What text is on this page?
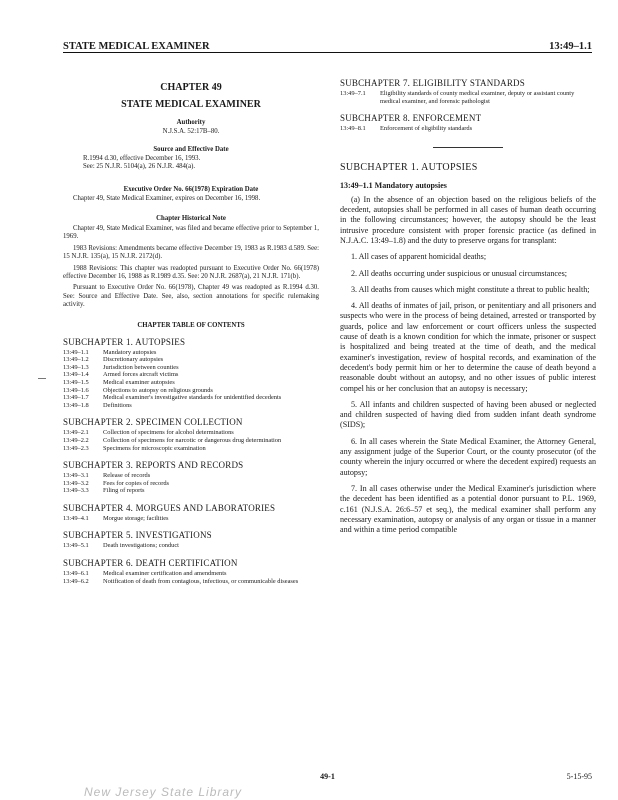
STATE MEDICAL EXAMINER	13:49–1.1
CHAPTER 49
STATE MEDICAL EXAMINER
Authority
N.J.S.A. 52:17B–80.
Source and Effective Date
R.1994 d.30, effective December 16, 1993.
See: 25 N.J.R. 5104(a), 26 N.J.R. 484(a).
Executive Order No. 66(1978) Expiration Date

Chapter 49, State Medical Examiner, expires on December 16, 1998.

Chapter Historical Note

Chapter 49, State Medical Examiner, was filed and became effective prior to September 1, 1969.

1983 Revisions: Amendments became effective December 19, 1983 as R.1983 d.589. See: 15 N.J.R. 135(a), 15 N.J.R. 2172(d).

1988 Revisions: This chapter was readopted pursuant to Executive Order No. 66(1978) effective December 16, 1988 as R.1989 d.35. See: 20 N.J.R. 2687(a), 21 N.J.R. 171(b).

Pursuant to Executive Order No. 66(1978), Chapter 49 was readopted as R.1994 d.30. See: Source and Effective Date. See, also, section annotations for specific rulemaking activity.

CHAPTER TABLE OF CONTENTS
SUBCHAPTER 1. AUTOPSIES
13:49–1.1	Mandatory autopsies
13:49–1.2	Discretionary autopsies
13:49–1.3	Jurisdiction between counties
13:49–1.4	Armed forces aircraft victims
13:49–1.5	Medical examiner autopsies
13:49–1.6	Objections to autopsy on religious grounds
13:49–1.7	Medical examiner's investigative standards for unidentified decedents
13:49–1.8	Definitions
SUBCHAPTER 2. SPECIMEN COLLECTION
13:49–2.1	Collection of specimens for alcohol determinations
13:49–2.2	Collection of specimens for narcotic or dangerous drug determination
13:49–2.3	Specimens for microscopic examination
SUBCHAPTER 3. REPORTS AND RECORDS
13:49–3.1	Release of records
13:49–3.2	Fees for copies of records
13:49–3.3	Filing of reports
SUBCHAPTER 4. MORGUES AND LABORATORIES
13:49–4.1	Morgue storage; facilities
SUBCHAPTER 5. INVESTIGATIONS
13:49–5.1	Death investigations; conduct
SUBCHAPTER 6. DEATH CERTIFICATION
13:49–6.1	Medical examiner certification and amendments
13:49–6.2	Notification of death from contagious, infectious, or communicable diseases
SUBCHAPTER 7. ELIGIBILITY STANDARDS
13:49–7.1	Eligibility standards of county medical examiner, deputy or assistant county medical examiner, and forensic pathologist
SUBCHAPTER 8. ENFORCEMENT
13:49–8.1	Enforcement of eligibility standards
SUBCHAPTER 1. AUTOPSIES
13:49–1.1 Mandatory autopsies

(a) In the absence of an objection based on the religious beliefs of the decedent, autopsies shall be performed in all cases of human death occurring in the following circumstances; however, the autopsy should be the least intrusive procedure consistent with proper forensic practice (as defined in N.J.A.C. 13:49–1.8) and the duty to preserve organs for transplant:

1. All cases of apparent homicidal deaths;

2. All deaths occurring under suspicious or unusual circumstances;

3. All deaths from causes which might constitute a threat to public health;

4. All deaths of inmates of jail, prison, or penitentiary and all prisoners and suspects who were in the process of being detained, arrested or transported by guards, police and law enforcement or court officers unless the suspected cause of death is a known condition for which the inmate, prisoner or suspect is hospitalized and being treated at the time of death, and the medical examiner's investigation, review of hospital records, and examination of the decedent's body permit him or her to determine the cause of death beyond a reasonable doubt without an autopsy, and no other issues of public interest compel his or her conclusion that an autopsy is necessary;

5. All infants and children suspected of having been abused or neglected and children suspected of having died from sudden infant death syndrome (SIDS);

6. In all cases wherein the State Medical Examiner, the Attorney General, any assignment judge of the Superior Court, or the county prosecutor (of the county wherein the injury occurred or where the decedent expired) requests an autopsy;

7. In all cases otherwise under the Medical Examiner's jurisdiction where the decedent has been identified as a potential donor pursuant to P.L. 1969, c.161 (N.J.S.A. 26:6–57 et seq.), the medical examiner shall perform any necessary examination, autopsy or analysis of any organ or tissue in a manner and within a time period compatible

49-1	5-15-95
New Jersey State Library
